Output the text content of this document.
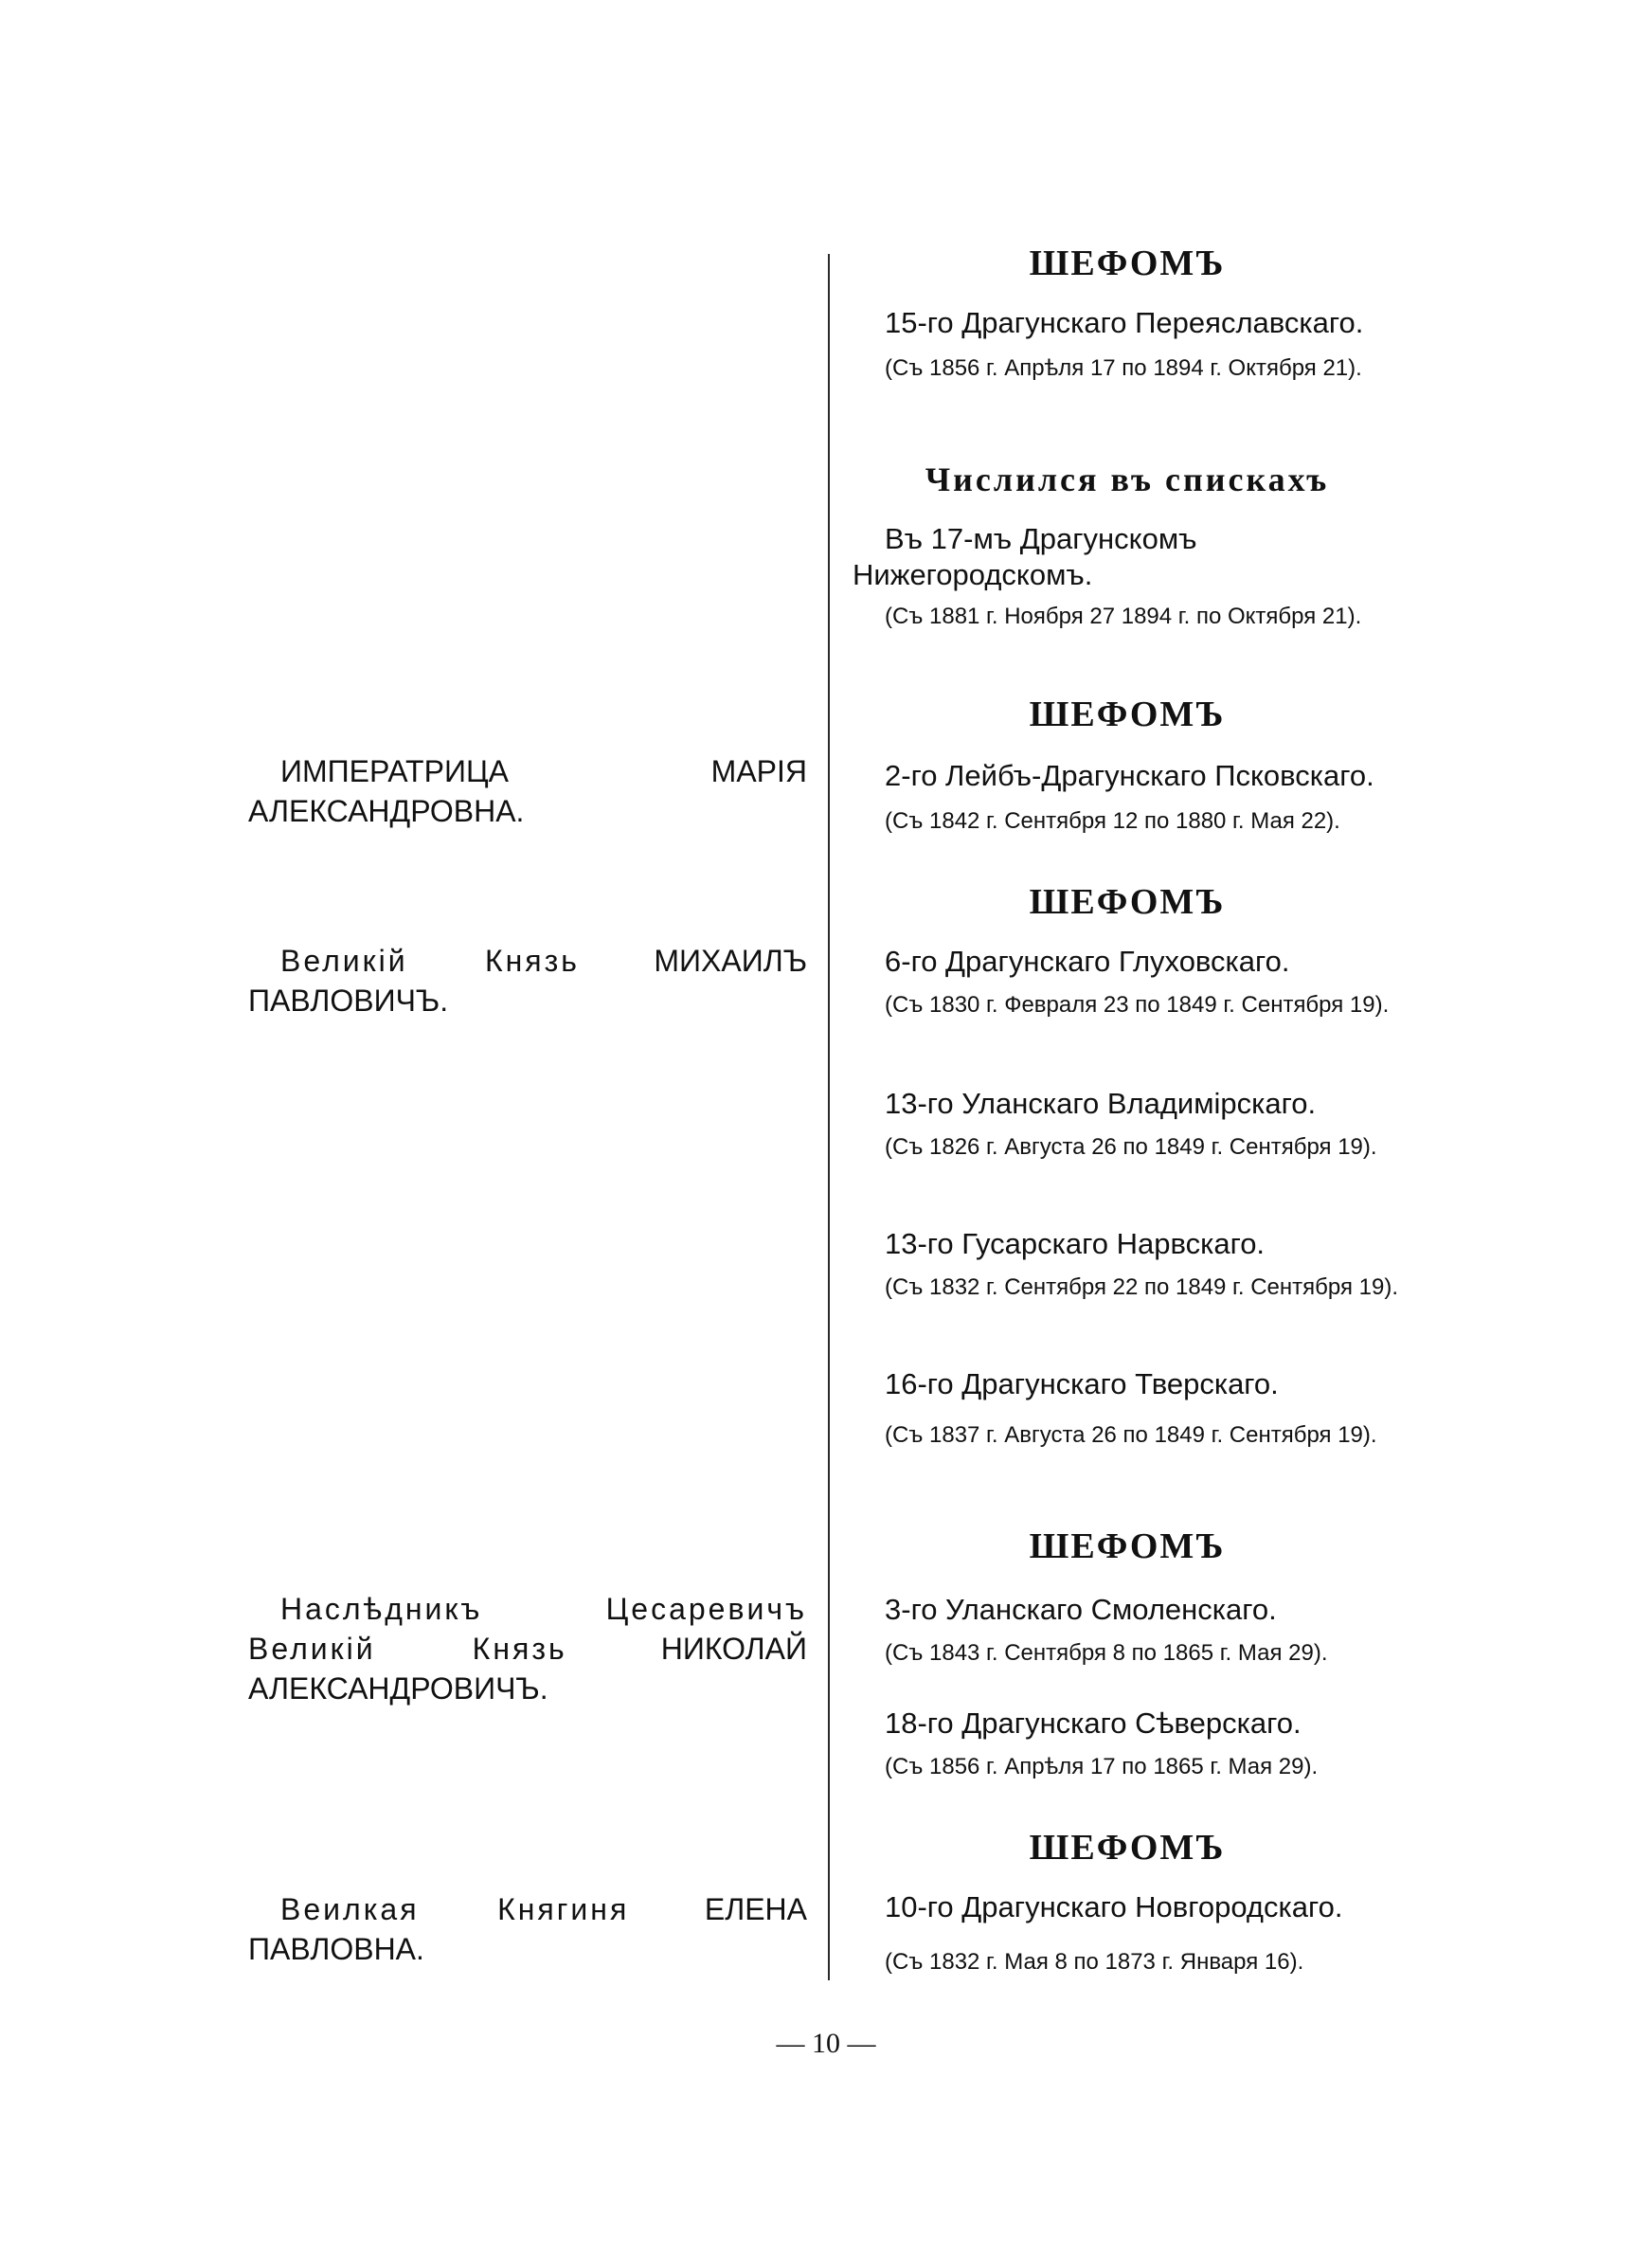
ШЕФОМЪ

15-го Драгунскаго Переяславскаго.

(Съ 1856 г. Апрѣля 17 по 1894 г. Октября 21).

Числился въ спискахъ

Въ 17-мъ Драгунскомъ Нижегородскомъ.

(Съ 1881 г. Ноября 27 1894 г. по Октября 21).

ШЕФОМЪ

2-го Лейбъ-Драгунскаго Псковскаго.

(Съ 1842 г. Сентября 12 по 1880 г. Мая 22).

ШЕФОМЪ

6-го Драгунскаго Глуховскаго.

(Съ 1830 г. Февраля 23 по 1849 г. Сентября 19).

13-го Уланскаго Владимірскаго.

(Съ 1826 г. Августа 26 по 1849 г. Сентября 19).

13-го Гусарскаго Нарвскаго.

(Съ 1832 г. Сентября 22 по 1849 г. Сентября 19).

16-го Драгунскаго Тверскаго.

(Съ 1837 г. Августа 26 по 1849 г. Сентября 19).

ШЕФОМЪ

3-го Уланскаго Смоленскаго.

(Съ 1843 г. Сентября 8 по 1865 г. Мая 29).

18-го Драгунскаго Сѣверскаго.

(Съ 1856 г. Апрѣля 17 по 1865 г. Мая 29).

ШЕФОМЪ

10-го Драгунскаго Новгородскаго.

(Съ 1832 г. Мая 8 по 1873 г. Января 16).

ИМПЕРАТРИЦА МАРІЯ АЛЕКСАНДРОВНА.

Великій Князь МИХАИЛЪ ПАВЛОВИЧЪ.

Наслѣдникъ Цесаревичъ Великій Князь	НИКОЛАЙ АЛЕКСАНДРОВИЧЪ.

Веилкая Княгиня ЕЛЕНА ПАВЛОВНА.

— 10 —
